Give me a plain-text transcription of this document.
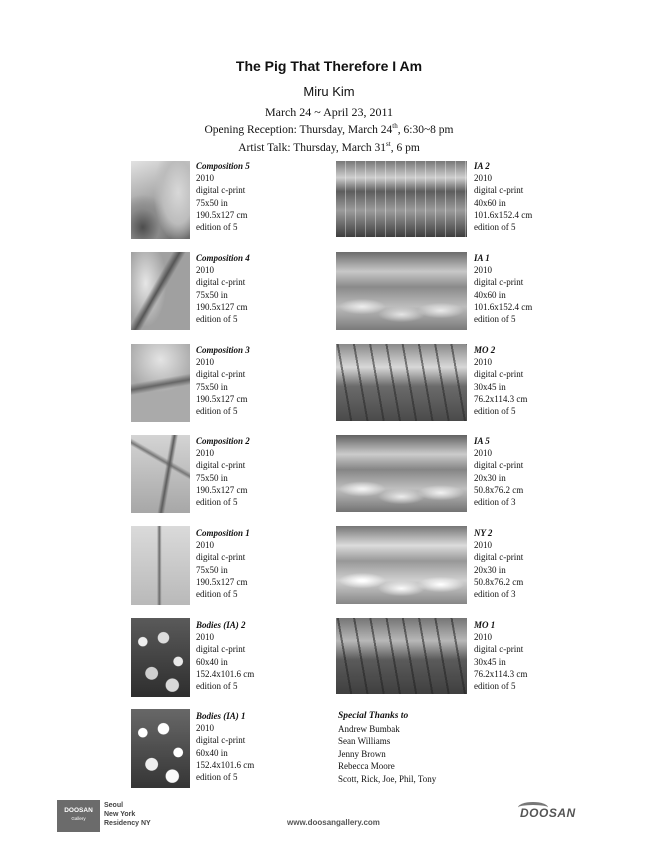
The Pig That Therefore I Am
Miru Kim
March 24 ~ April 23, 2011
Opening Reception: Thursday, March 24th, 6:30~8 pm
Artist Talk: Thursday, March 31st, 6 pm
Composition 5
2010
digital c-print
75x50 in
190.5x127 cm
edition of 5
Composition 4
2010
digital c-print
75x50 in
190.5x127 cm
edition of 5
Composition 3
2010
digital c-print
75x50 in
190.5x127 cm
edition of 5
Composition 2
2010
digital c-print
75x50 in
190.5x127 cm
edition of 5
Composition 1
2010
digital c-print
75x50 in
190.5x127 cm
edition of 5
Bodies (IA) 2
2010
digital c-print
60x40 in
152.4x101.6 cm
edition of 5
Bodies (IA) 1
2010
digital c-print
60x40 in
152.4x101.6 cm
edition of 5
IA 2
2010
digital c-print
40x60 in
101.6x152.4 cm
edition of 5
IA 1
2010
digital c-print
40x60 in
101.6x152.4 cm
edition of 5
MO 2
2010
digital c-print
30x45 in
76.2x114.3 cm
edition of 5
IA 5
2010
digital c-print
20x30 in
50.8x76.2 cm
edition of 3
NY 2
2010
digital c-print
20x30 in
50.8x76.2 cm
edition of 3
MO 1
2010
digital c-print
30x45 in
76.2x114.3 cm
edition of 5
Special Thanks to
Andrew Bumbak
Sean Williams
Jenny Brown
Rebecca Moore
Scott, Rick, Joe, Phil, Tony
DOOSAN
Gallery
Seoul
New York
Residency NY	www.doosangallery.com
DOOSAN
